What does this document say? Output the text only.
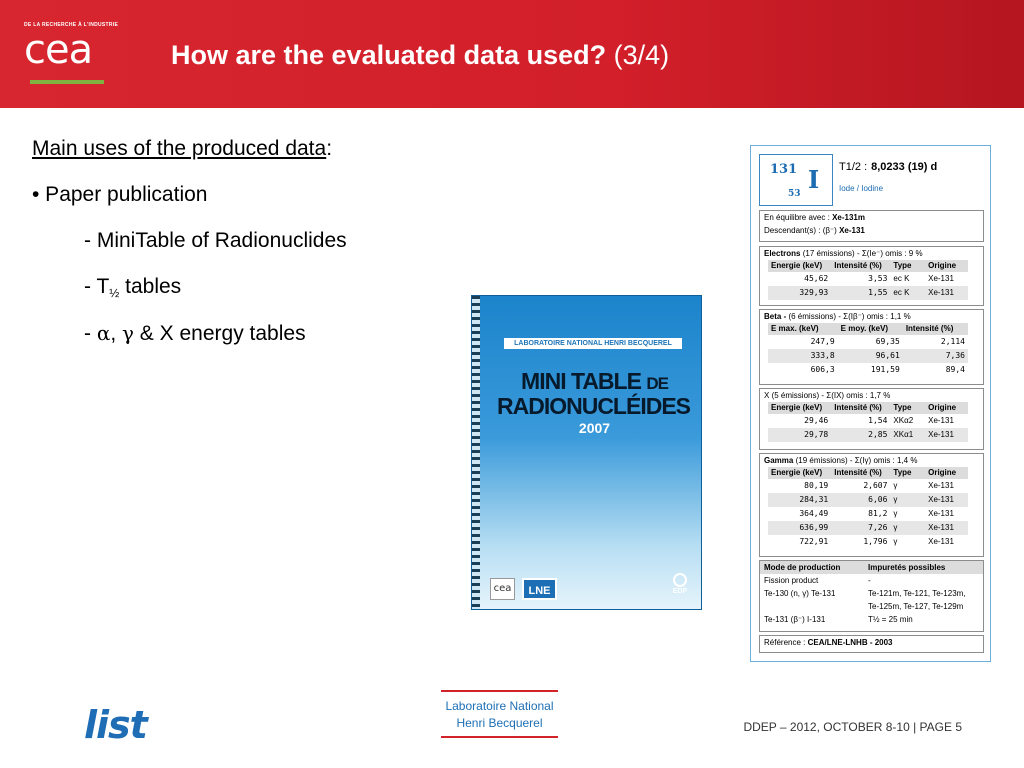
DE LA RECHERCHE À L'INDUSTRIE
cea	How are the evaluated data used? (3/4)
Main uses of the produced data:
• Paper publication
- MiniTable of Radionuclides
- $T_{\frac{1}{2}}$ tables
- α, γ & X energy tables	LABORATOIRE NATIONAL HENRI BECQUEREL
MINI TABLE DE
RADIONUCLÉIDES
2007
cea	LNE	EDP
131
53 I T1/2 : 8,0233 (19) d
Iode / Iodine
En équilibre avec : Xe-131m
Descendant(s) : (β⁻) Xe-131
Electrons (17 émissions) - Σ(Ie⁻) omis : 9 %
Energie (keV)	Intensité (%)	Type	Origine
45,62	3,53	ec K	Xe-131
329,93	1,55	ec K	Xe-131
Beta - (6 émissions) - Σ(Iβ⁻) omis : 1,1 %
E max. (keV)	E moy. (keV)	Intensité (%)
247,9	69,35	2,114
333,8	96,61	7,36
606,3	191,59	89,4
X (5 émissions) - Σ(IX) omis : 1,7 %
Energie (keV)	Intensité (%)	Type	Origine
29,46	1,54	XKα2	Xe-131
29,78	2,85	XKα1	Xe-131
Gamma (19 émissions) - Σ(Iγ) omis : 1,4 %
Energie (keV)	Intensité (%)	Type	Origine
80,19	2,607	γ	Xe-131
284,31	6,06	γ	Xe-131
364,49	81,2	γ	Xe-131
636,99	7,26	γ	Xe-131
722,91	1,796	γ	Xe-131
Mode de production	Impuretés possibles
Fission product	-
Te-130 (n, γ) Te-131	Te-121m, Te-121, Te-123m,
Te-125m, Te-127, Te-129m
Te-131 (β⁻) I-131	T½ = 25 min
Référence : CEA/LNE-LNHB - 2003
list	Laboratoire National
Henri Becquerel	DDEP – 2012, OCTOBER 8-10 | PAGE 5
